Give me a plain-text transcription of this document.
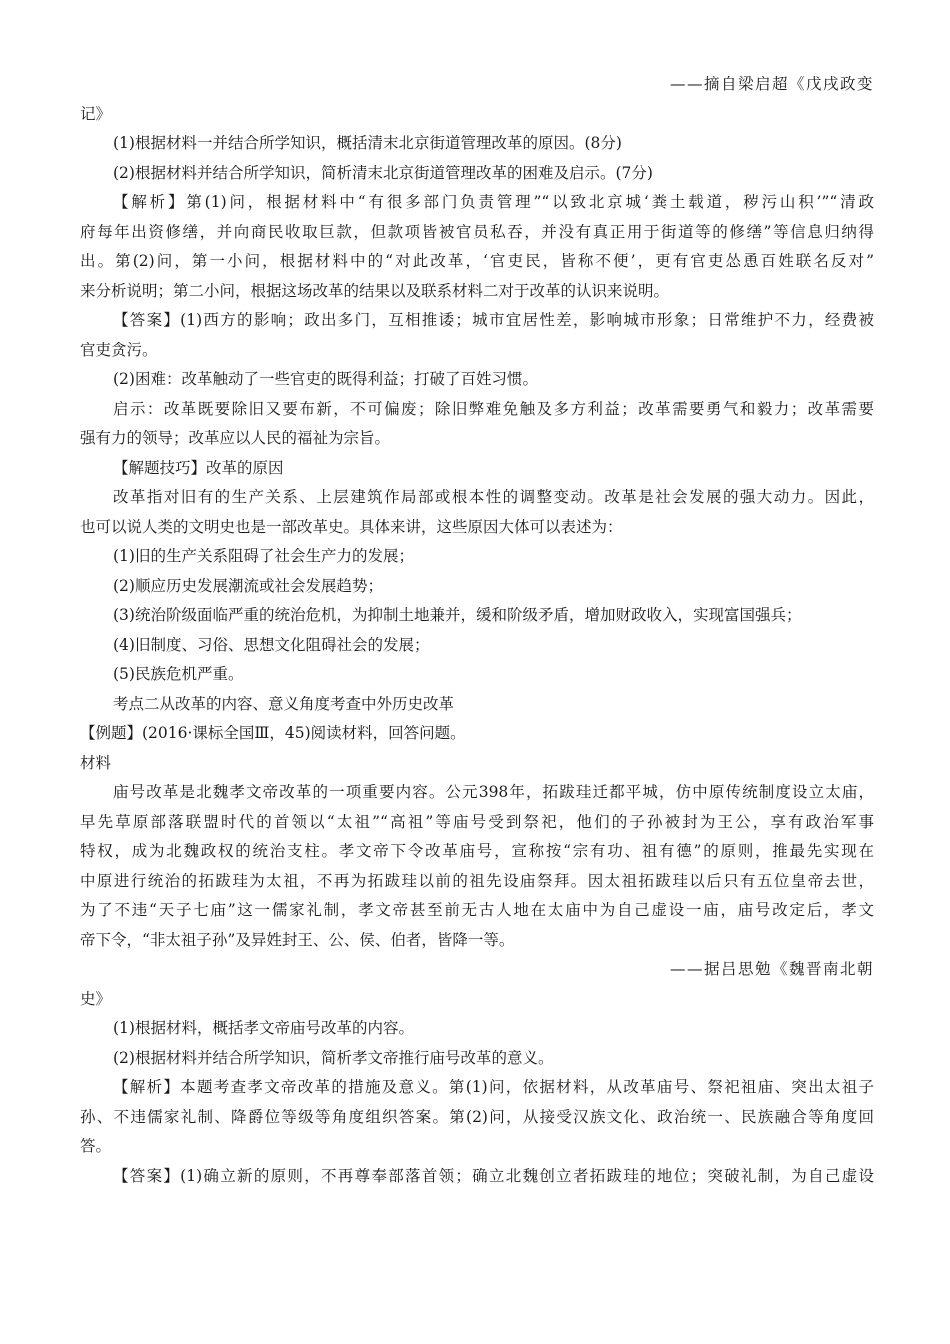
——摘自梁启超《戊戌政变
记》
(1)根据材料一并结合所学知识，概括清末北京街道管理改革的原因。(8分)
(2)根据材料并结合所学知识，简析清末北京街道管理改革的困难及启示。(7分)
【解析】第(1)问，根据材料中“有很多部门负责管理”“以致北京城‘粪土载道，秽污山积’”“清政
府每年出资修缮，并向商民收取巨款，但款项皆被官员私吞，并没有真正用于街道等的修缮”等信息归纳得
出。第(2)问，第一小问，根据材料中的“对此改革，‘官吏民，皆称不便’，更有官吏怂恿百姓联名反对”
来分析说明；第二小问，根据这场改革的结果以及联系材料二对于改革的认识来说明。
【答案】(1)西方的影响；政出多门，互相推诿；城市宜居性差，影响城市形象；日常维护不力，经费被
官吏贪污。
(2)困难：改革触动了一些官吏的既得利益；打破了百姓习惯。
启示：改革既要除旧又要布新，不可偏废；除旧弊难免触及多方利益；改革需要勇气和毅力；改革需要
强有力的领导；改革应以人民的福祉为宗旨。
【解题技巧】改革的原因
改革指对旧有的生产关系、上层建筑作局部或根本性的调整变动。改革是社会发展的强大动力。因此，
也可以说人类的文明史也是一部改革史。具体来讲，这些原因大体可以表述为：
(1)旧的生产关系阻碍了社会生产力的发展；
(2)顺应历史发展潮流或社会发展趋势；
(3)统治阶级面临严重的统治危机，为抑制土地兼并，缓和阶级矛盾，增加财政收入，实现富国强兵；
(4)旧制度、习俗、思想文化阻碍社会的发展；
(5)民族危机严重。
考点二从改革的内容、意义角度考查中外历史改革
【例题】(2016·课标全国Ⅲ，45)阅读材料，回答问题。
材料
庙号改革是北魏孝文帝改革的一项重要内容。公元398年，拓跋珪迁都平城，仿中原传统制度设立太庙，
早先草原部落联盟时代的首领以“太祖”“高祖”等庙号受到祭祀，他们的子孙被封为王公，享有政治军事
特权，成为北魏政权的统治支柱。孝文帝下令改革庙号，宣称按“宗有功、祖有德”的原则，推最先实现在
中原进行统治的拓跋珪为太祖，不再为拓跋珪以前的祖先设庙祭拜。因太祖拓跋珪以后只有五位皇帝去世，
为了不违“天子七庙”这一儒家礼制，孝文帝甚至前无古人地在太庙中为自己虚设一庙，庙号改定后，孝文
帝下令，“非太祖子孙”及异姓封王、公、侯、伯者，皆降一等。
——据吕思勉《魏晋南北朝
史》
(1)根据材料，概括孝文帝庙号改革的内容。
(2)根据材料并结合所学知识，简析孝文帝推行庙号改革的意义。
【解析】本题考查孝文帝改革的措施及意义。第(1)问，依据材料，从改革庙号、祭祀祖庙、突出太祖子
孙、不违儒家礼制、降爵位等级等角度组织答案。第(2)问，从接受汉族文化、政治统一、民族融合等角度回
答。
【答案】(1)确立新的原则，不再尊奉部落首领；确立北魏创立者拓跋珪的地位；突破礼制，为自己虚设
